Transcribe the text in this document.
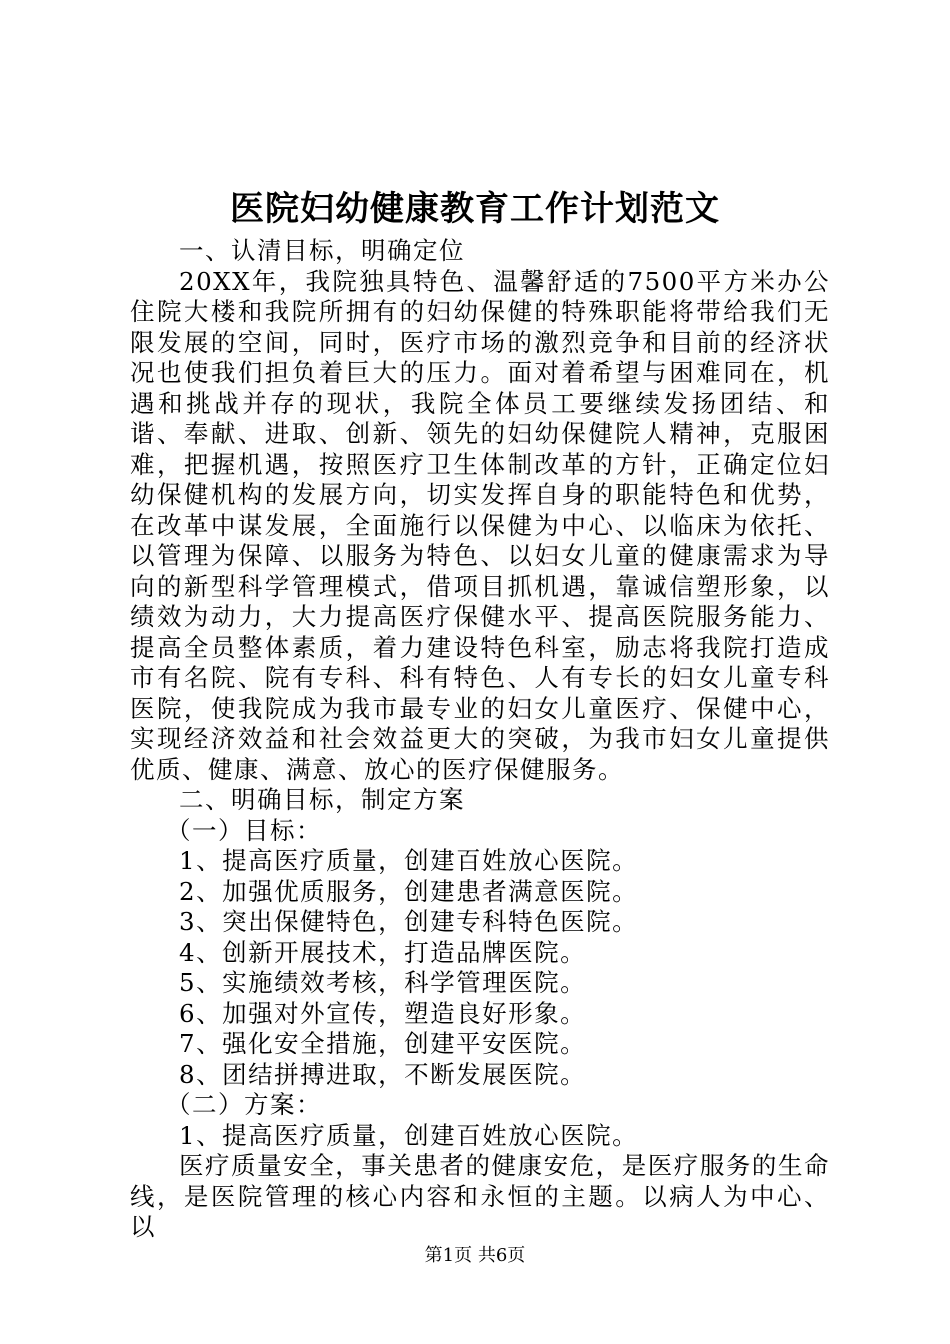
医院妇幼健康教育工作计划范文

一、认清目标，明确定位

20XX年，我院独具特色、温馨舒适的7500平方米办公住院大楼和我院所拥有的妇幼保健的特殊职能将带给我们无限发展的空间，同时，医疗市场的激烈竞争和目前的经济状况也使我们担负着巨大的压力。面对着希望与困难同在，机遇和挑战并存的现状，我院全体员工要继续发扬团结、和谐、奉献、进取、创新、领先的妇幼保健院人精神，克服困难，把握机遇，按照医疗卫生体制改革的方针，正确定位妇幼保健机构的发展方向，切实发挥自身的职能特色和优势，在改革中谋发展，全面施行以保健为中心、以临床为依托、以管理为保障、以服务为特色、以妇女儿童的健康需求为导向的新型科学管理模式，借项目抓机遇，靠诚信塑形象，以绩效为动力，大力提高医疗保健水平、提高医院服务能力、提高全员整体素质，着力建设特色科室，励志将我院打造成市有名院、院有专科、科有特色、人有专长的妇女儿童专科医院，使我院成为我市最专业的妇女儿童医疗、保健中心，实现经济效益和社会效益更大的突破，为我市妇女儿童提供优质、健康、满意、放心的医疗保健服务。

二、明确目标，制定方案

（一）目标：

1、提高医疗质量，创建百姓放心医院。

2、加强优质服务，创建患者满意医院。

3、突出保健特色，创建专科特色医院。

4、创新开展技术，打造品牌医院。

5、实施绩效考核，科学管理医院。

6、加强对外宣传，塑造良好形象。

7、强化安全措施，创建平安医院。

8、团结拼搏进取，不断发展医院。

（二）方案：

1、提高医疗质量，创建百姓放心医院。

医疗质量安全，事关患者的健康安危，是医疗服务的生命线，是医院管理的核心内容和永恒的主题。以病人为中心、以

第1页 共6页
